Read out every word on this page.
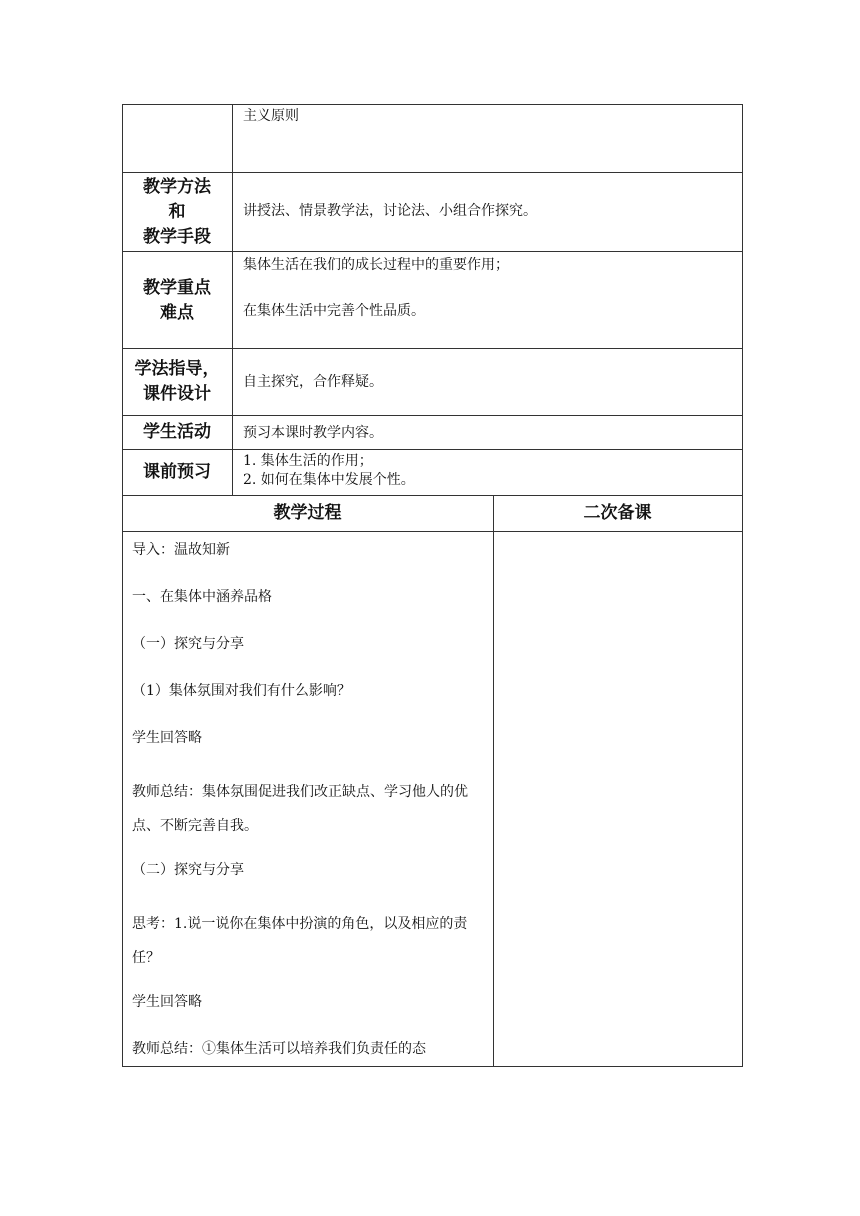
主义原则
教学方法
和
教学手段
讲授法、情景教学法，讨论法、小组合作探究。
教学重点
难点
集体生活在我们的成长过程中的重要作用；
在集体生活中完善个性品质。
学法指导，
课件设计
自主探究，合作释疑。
学生活动	预习本课时教学内容。
课前预习
1. 集体生活的作用；
2. 如何在集体中发展个性。
教学过程	二次备课

导入：温故知新

一、在集体中涵养品格

（一）探究与分享

（1）集体氛围对我们有什么影响？

学生回答略

教师总结：集体氛围促进我们改正缺点、学习他人的优点、不断完善自我。

（二）探究与分享

思考：1.说一说你在集体中扮演的角色，以及相应的责任？

学生回答略

教师总结：①集体生活可以培养我们负责任的态
